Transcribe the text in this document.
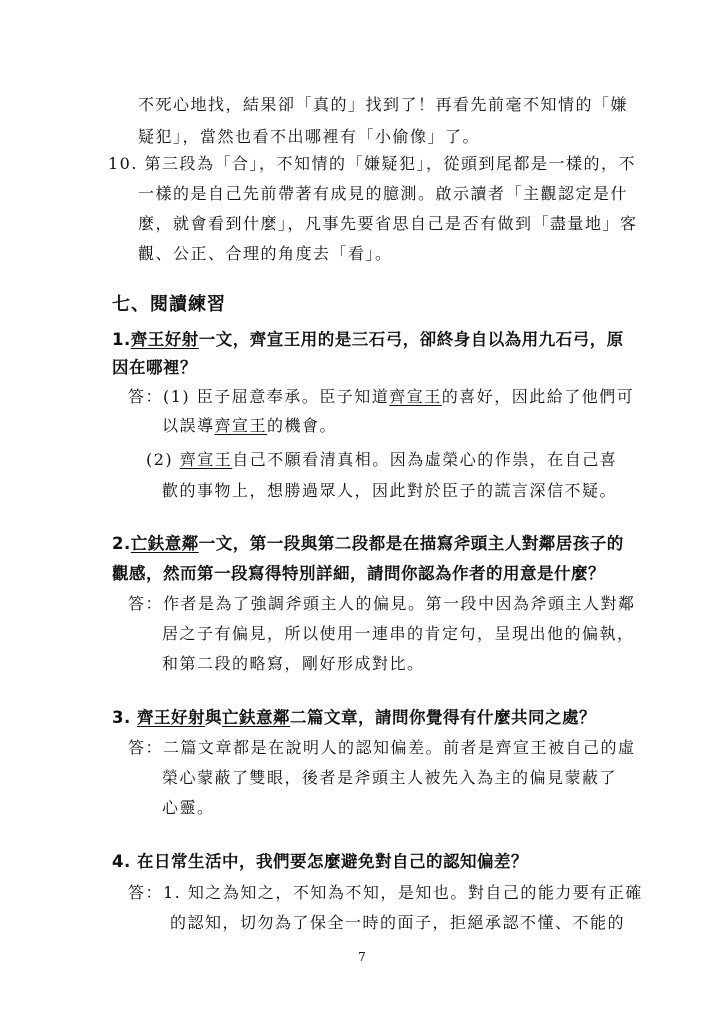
不死心地找，結果卻「真的」找到了！再看先前毫不知情的「嫌
疑犯」，當然也看不出哪裡有「小偷像」了。
10. 第三段為「合」，不知情的「嫌疑犯」，從頭到尾都是一樣的，不
一樣的是自己先前帶著有成見的臆測。啟示讀者「主觀認定是什
麼，就會看到什麼」，凡事先要省思自己是否有做到「盡量地」客
觀、公正、合理的角度去「看」。
七、閱讀練習
1.齊王好射一文，齊宣王用的是三石弓，卻終身自以為用九石弓，原
因在哪裡？
答：(1) 臣子屈意奉承。臣子知道齊宣王的喜好，因此給了他們可
以誤導齊宣王的機會。
(2) 齊宣王自己不願看清真相。因為虛榮心的作祟，在自己喜
歡的事物上，想勝過眾人，因此對於臣子的謊言深信不疑。
2.亡鈇意鄰一文，第一段與第二段都是在描寫斧頭主人對鄰居孩子的
觀感，然而第一段寫得特別詳細，請問你認為作者的用意是什麼？
答：作者是為了強調斧頭主人的偏見。第一段中因為斧頭主人對鄰
居之子有偏見，所以使用一連串的肯定句，呈現出他的偏執，
和第二段的略寫，剛好形成對比。
3. 齊王好射與亡鈇意鄰二篇文章，請問你覺得有什麼共同之處？
答：二篇文章都是在說明人的認知偏差。前者是齊宣王被自己的虛
榮心蒙蔽了雙眼，後者是斧頭主人被先入為主的偏見蒙蔽了
心靈。
4. 在日常生活中，我們要怎麼避免對自己的認知偏差？
答：1. 知之為知之，不知為不知，是知也。對自己的能力要有正確
的認知，切勿為了保全一時的面子，拒絕承認不懂、不能的
7
